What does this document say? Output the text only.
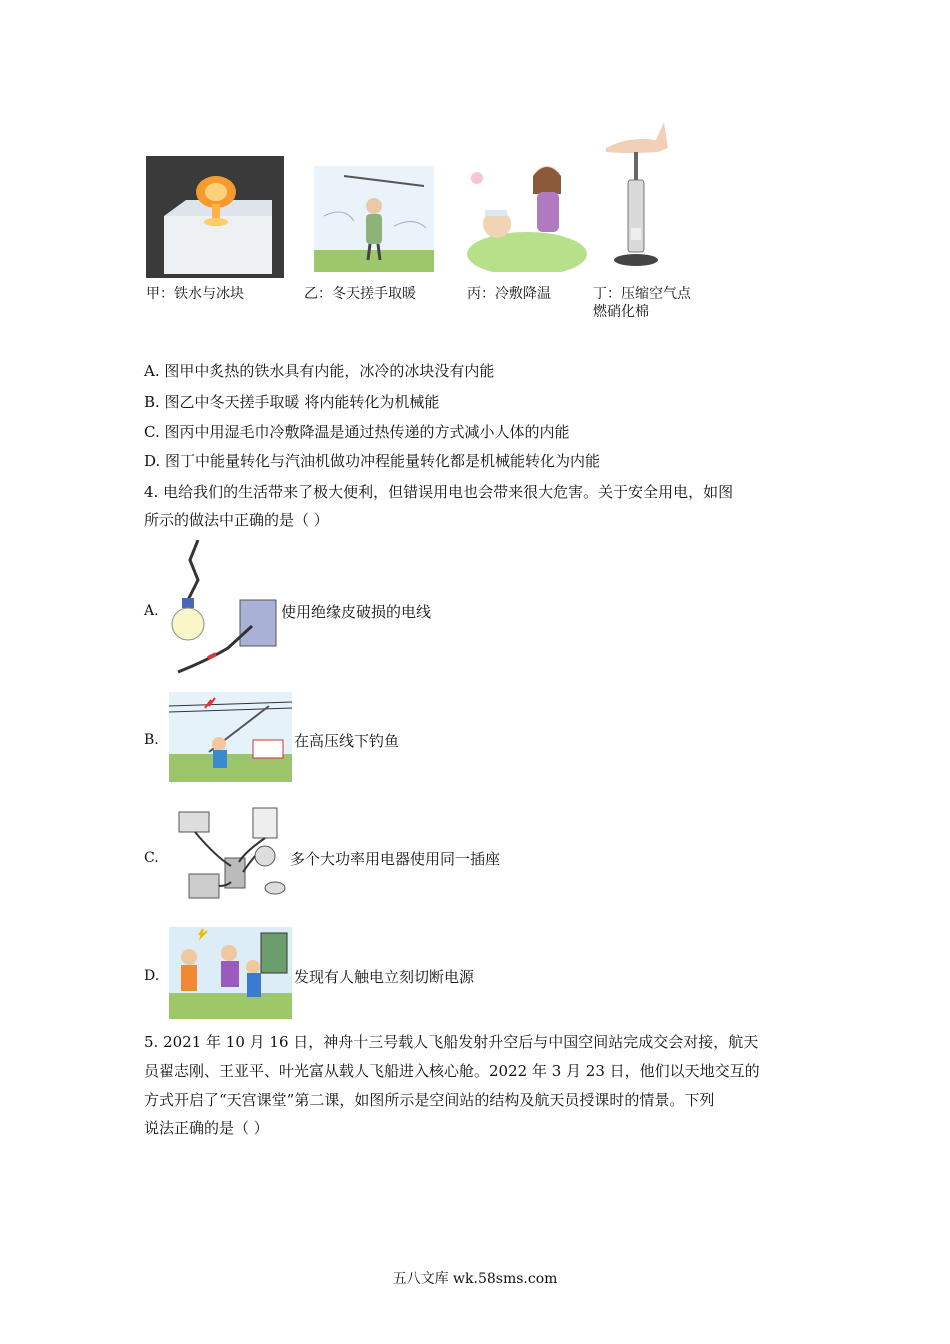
甲：铁水与冰块	乙：冬天搓手取暖	丙：冷敷降温	丁：压缩空气点
燃硝化棉
A. 图甲中炙热的铁水具有内能，冰冷的冰块没有内能
B. 图乙中冬天搓手取暖 将内能转化为机械能
C. 图丙中用湿毛巾冷敷降温是通过热传递的方式减小人体的内能
D. 图丁中能量转化与汽油机做功冲程能量转化都是机械能转化为内能
4. 电给我们的生活带来了极大便利，但错误用电也会带来很大危害。关于安全用电，如图
所示的做法中正确的是（ ）
A.	使用绝缘皮破损的电线
B.	在高压线下钓鱼
C.	多个大功率用电器使用同一插座
D.	发现有人触电立刻切断电源
5. 2021 年 10 月 16 日，神舟十三号载人飞船发射升空后与中国空间站完成交会对接，航天
员翟志刚、王亚平、叶光富从载人飞船进入核心舱。2022 年 3 月 23 日，他们以天地交互的
方式开启了“天宫课堂”第二课，如图所示是空间站的结构及航天员授课时的情景。下列
说法正确的是（ ）
五八文库 wk.58sms.com
